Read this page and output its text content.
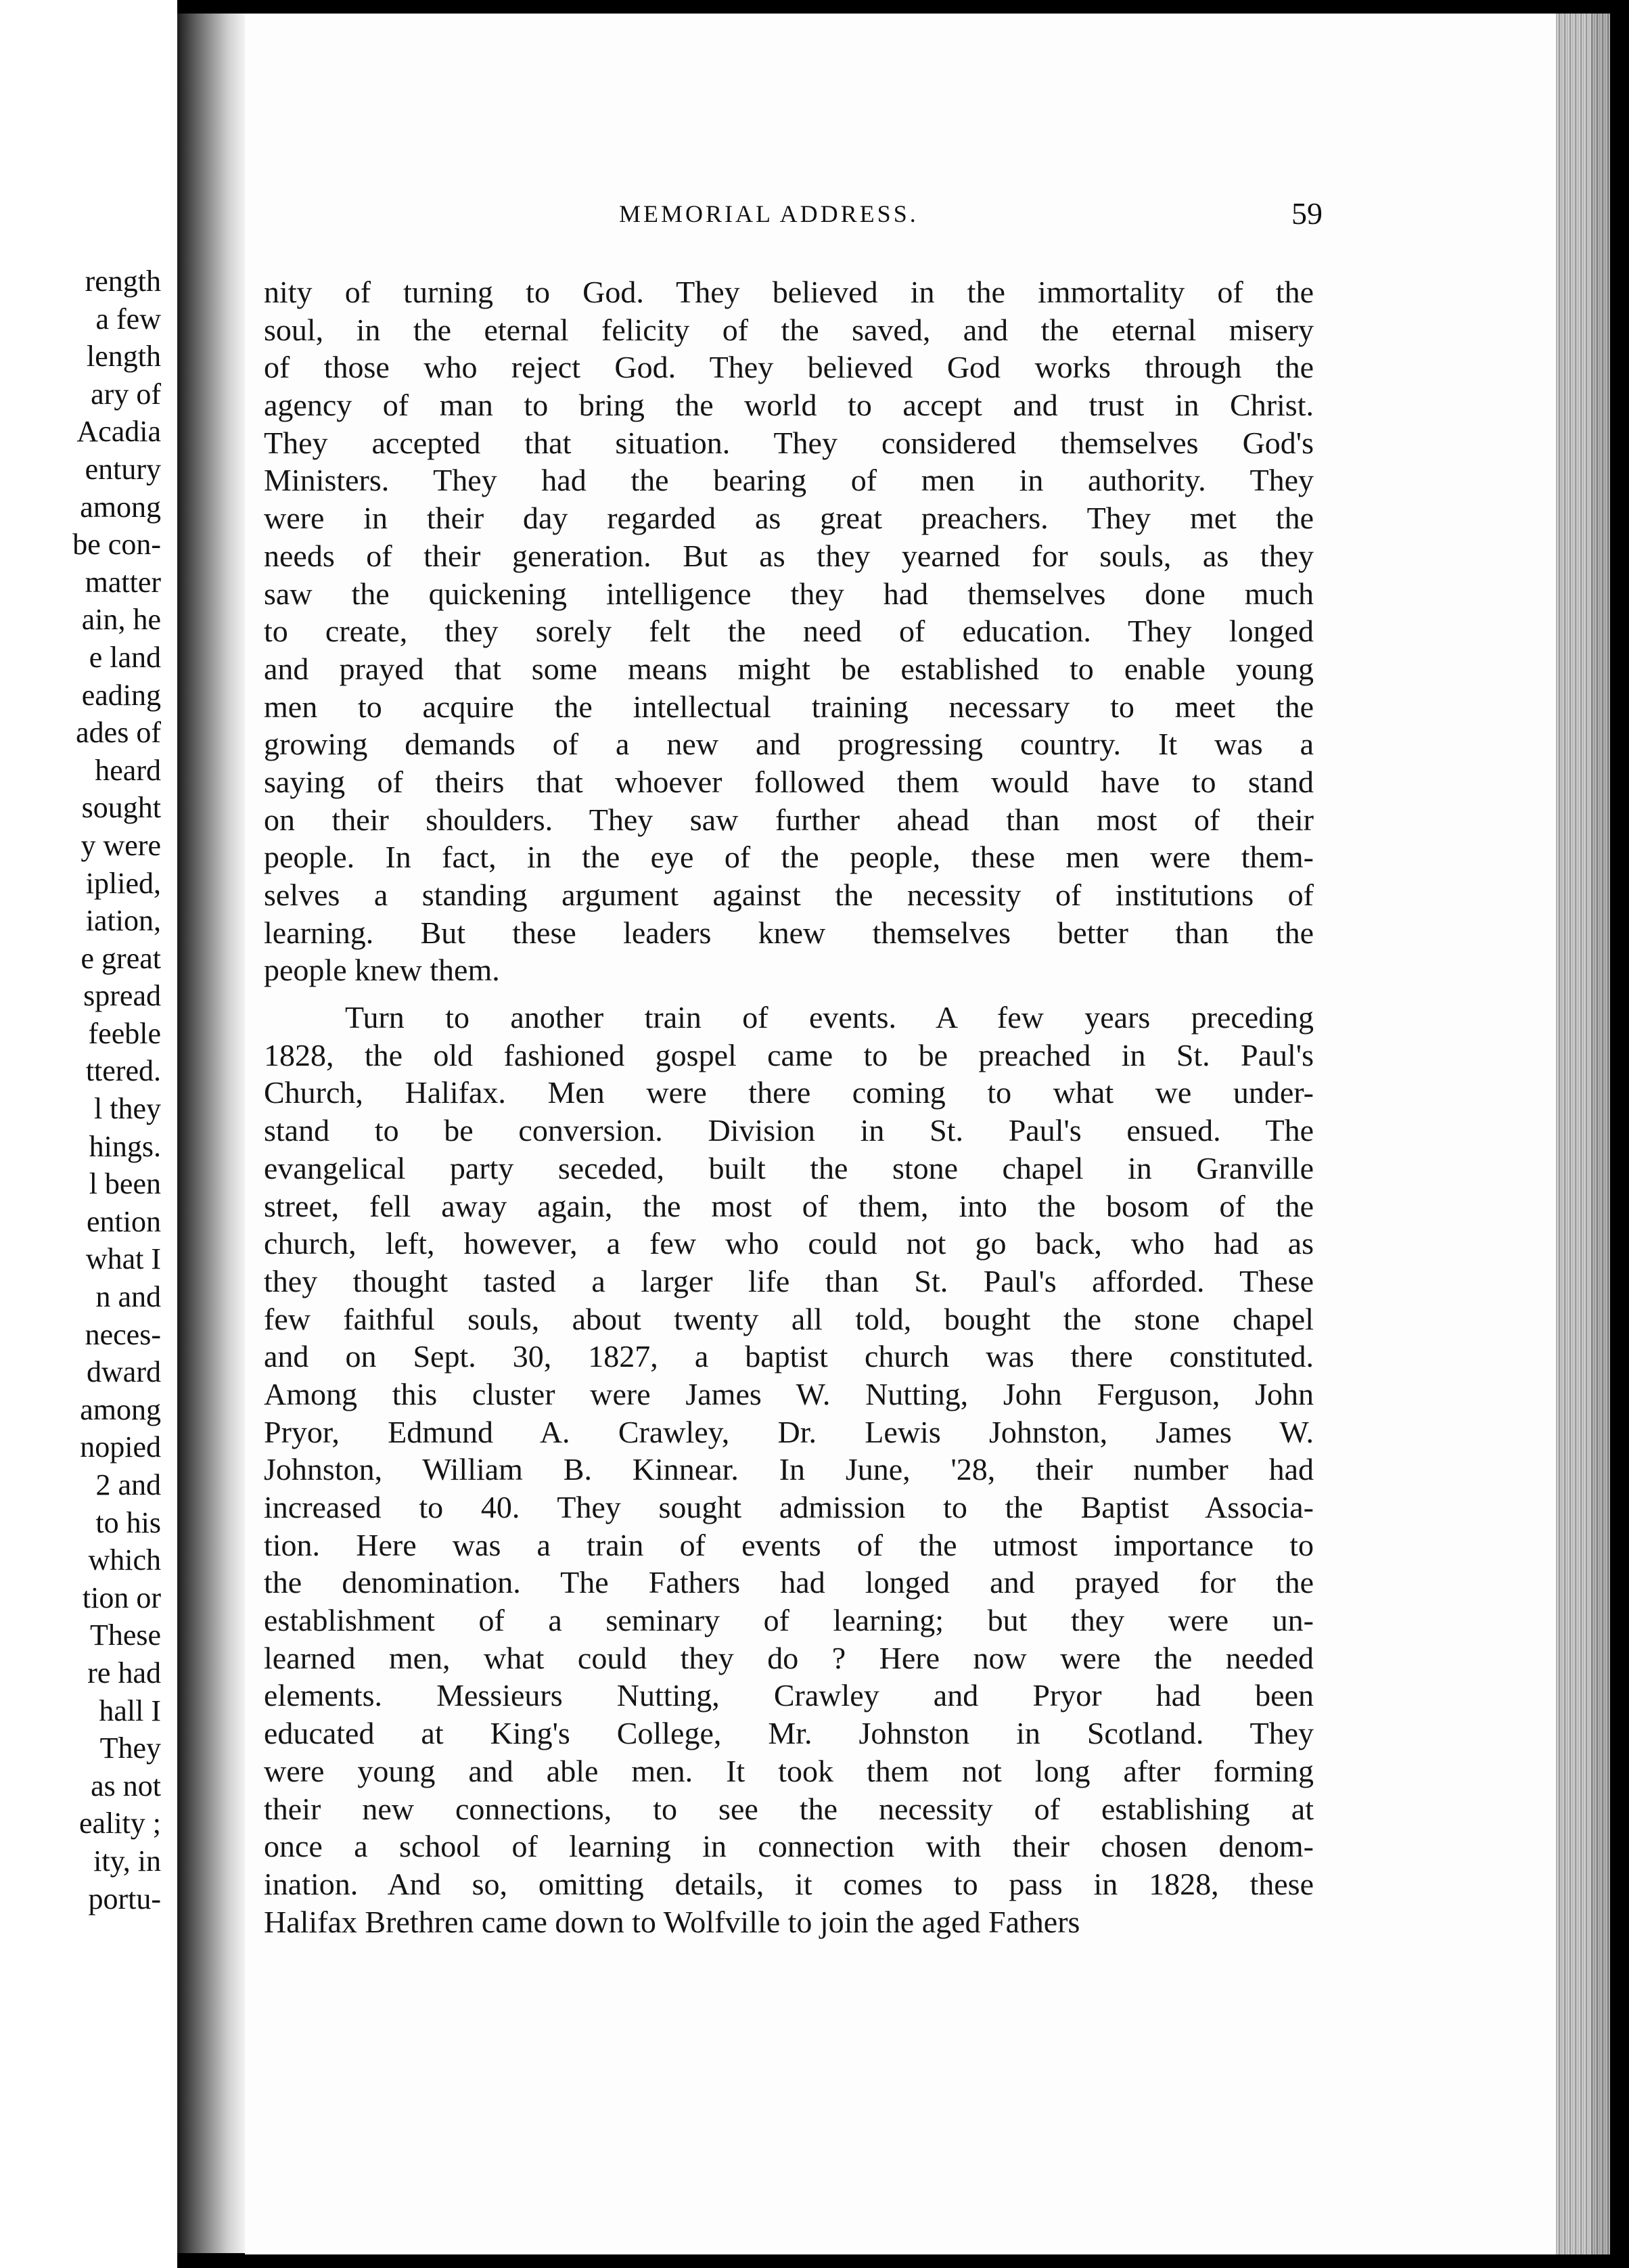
rength
a few
length
ary of
Acadia
entury
among
be con-
matter
ain, he
e land
eading
ades of
heard
sought
y were
iplied,
iation,
e great
spread
feeble
ttered.
l they
hings.
l been
ention
what I
n and
neces-
dward
among
nopied
2 and
to his
which
tion or
These
re had
hall I
They
as not
eality ;
ity, in
portu-
MEMORIAL ADDRESS.	59
nity of turning to God. They believed in the immortality of the
soul, in the eternal felicity of the saved, and the eternal misery
of those who reject God. They believed God works through the
agency of man to bring the world to accept and trust in Christ.
They accepted that situation. They considered themselves God's
Ministers. They had the bearing of men in authority. They
were in their day regarded as great preachers. They met the
needs of their generation. But as they yearned for souls, as they
saw the quickening intelligence they had themselves done much
to create, they sorely felt the need of education. They longed
and prayed that some means might be established to enable young
men to acquire the intellectual training necessary to meet the
growing demands of a new and progressing country. It was a
saying of theirs that whoever followed them would have to stand
on their shoulders. They saw further ahead than most of their
people. In fact, in the eye of the people, these men were them-
selves a standing argument against the necessity of institutions of
learning. But these leaders knew themselves better than the
people knew them.
Turn to another train of events. A few years preceding
1828, the old fashioned gospel came to be preached in St. Paul's
Church, Halifax. Men were there coming to what we under-
stand to be conversion. Division in St. Paul's ensued. The
evangelical party seceded, built the stone chapel in Granville
street, fell away again, the most of them, into the bosom of the
church, left, however, a few who could not go back, who had as
they thought tasted a larger life than St. Paul's afforded. These
few faithful souls, about twenty all told, bought the stone chapel
and on Sept. 30, 1827, a baptist church was there constituted.
Among this cluster were James W. Nutting, John Ferguson, John
Pryor, Edmund A. Crawley, Dr. Lewis Johnston, James W.
Johnston, William B. Kinnear. In June, '28, their number had
increased to 40. They sought admission to the Baptist Associa-
tion. Here was a train of events of the utmost importance to
the denomination. The Fathers had longed and prayed for the
establishment of a seminary of learning; but they were un-
learned men, what could they do ? Here now were the needed
elements. Messieurs Nutting, Crawley and Pryor had been
educated at King's College, Mr. Johnston in Scotland. They
were young and able men. It took them not long after forming
their new connections, to see the necessity of establishing at
once a school of learning in connection with their chosen denom-
ination. And so, omitting details, it comes to pass in 1828, these
Halifax Brethren came down to Wolfville to join the aged Fathers
